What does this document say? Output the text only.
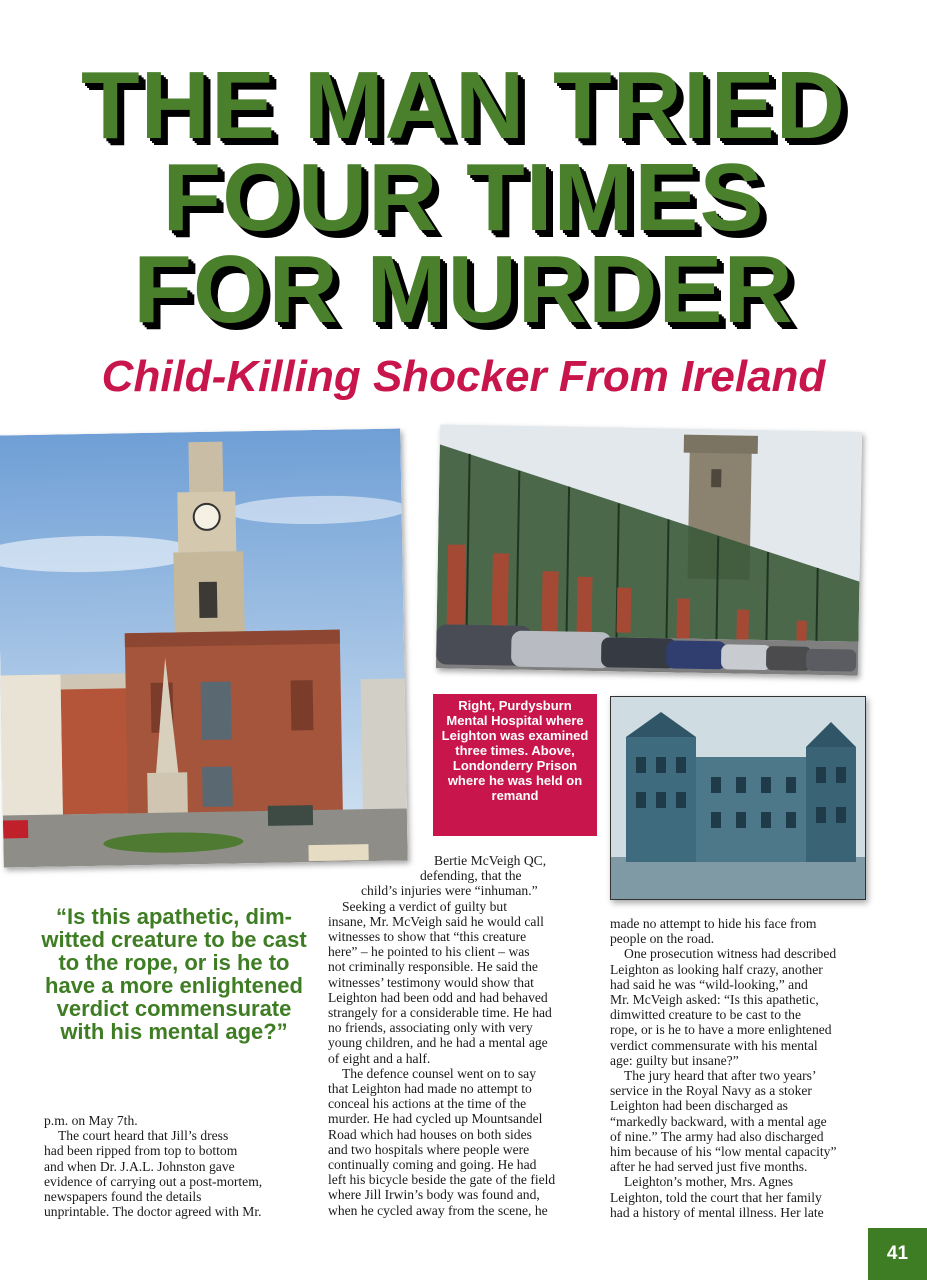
THE MAN TRIED
FOUR TIMES
FOR MURDER
Child-Killing Shocker From Ireland
Right, Purdysburn Mental Hospital where Leighton was examined three times. Above, Londonderry Prison where he was held on remand
“Is this apathetic, dim-witted creature to be cast to the rope, or is he to have a more enlightened verdict commensurate with his mental age?”

p.m. on May 7th.

The court heard that Jill’s dress

had been ripped from top to bottom

and when Dr. J.A.L. Johnston gave

evidence of carrying out a post-mortem,

newspapers found the details

unprintable. The doctor agreed with Mr.

Bertie McVeigh QC,

defending, that the

child’s injuries were “inhuman.”

Seeking a verdict of guilty but

insane, Mr. McVeigh said he would call

witnesses to show that “this creature

here” – he pointed to his client – was

not criminally responsible. He said the

witnesses’ testimony would show that

Leighton had been odd and had behaved

strangely for a considerable time. He had

no friends, associating only with very

young children, and he had a mental age

of eight and a half.

The defence counsel went on to say

that Leighton had made no attempt to

conceal his actions at the time of the

murder. He had cycled up Mountsandel

Road which had houses on both sides

and two hospitals where people were

continually coming and going. He had

left his bicycle beside the gate of the field

where Jill Irwin’s body was found and,

when he cycled away from the scene, he

made no attempt to hide his face from

people on the road.

One prosecution witness had described

Leighton as looking half crazy, another

had said he was “wild-looking,” and

Mr. McVeigh asked: “Is this apathetic,

dimwitted creature to be cast to the

rope, or is he to have a more enlightened

verdict commensurate with his mental

age: guilty but insane?”

The jury heard that after two years’

service in the Royal Navy as a stoker

Leighton had been discharged as

“markedly backward, with a mental age

of nine.” The army had also discharged

him because of his “low mental capacity”

after he had served just five months.

Leighton’s mother, Mrs. Agnes

Leighton, told the court that her family

had a history of mental illness. Her late

41
